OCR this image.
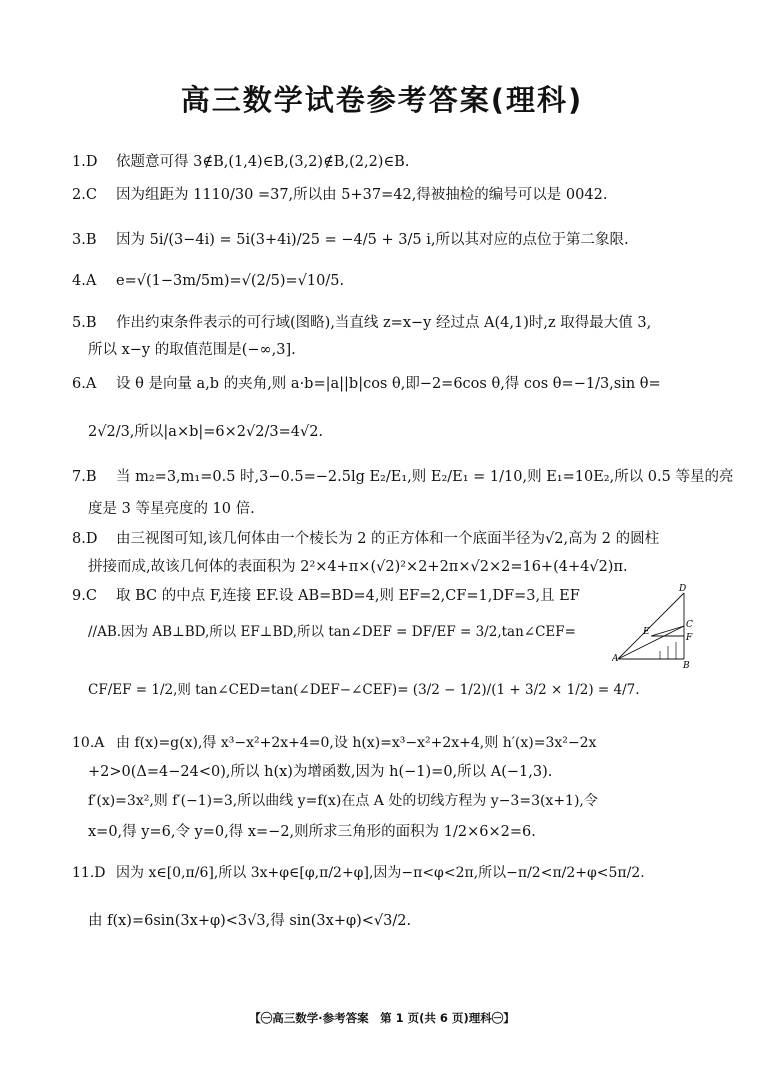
高三数学试卷参考答案(理科)
1.D 依题意可得 3∉B,(1,4)∈B,(3,2)∉B,(2,2)∈B.
2.C 因为组距为 1110/30 =37,所以由 5+37=42,得被抽检的编号可以是 0042.
3.B 因为 5i/(3−4i) = 5i(3+4i)/25 = −4/5 + 3/5 i,所以其对应的点位于第二象限.
4.A e=√(1−3m/5m)=√(2/5)=√10/5.
5.B 作出约束条件表示的可行域(图略),当直线 z=x−y 经过点 A(4,1)时,z 取得最大值 3,
所以 x−y 的取值范围是(−∞,3].
6.A 设 θ 是向量 a,b 的夹角,则 a·b=|a||b|cos θ,即−2=6cos θ,得 cos θ=−1/3,sin θ=
2√2/3,所以|a×b|=6×2√2/3=4√2.
7.B 当 m₂=3,m₁=0.5 时,3−0.5=−2.5lg E₂/E₁,则 E₂/E₁ = 1/10,则 E₁=10E₂,所以 0.5 等星的亮
度是 3 等星亮度的 10 倍.
8.D 由三视图可知,该几何体由一个棱长为 2 的正方体和一个底面半径为√2,高为 2 的圆柱
拼接而成,故该几何体的表面积为 2²×4+π×(√2)²×2+2π×√2×2=16+(4+4√2)π.
9.C 取 BC 的中点 F,连接 EF.设 AB=BD=4,则 EF=2,CF=1,DF=3,且 EF
//AB.因为 AB⊥BD,所以 EF⊥BD,所以 tan∠DEF = DF/EF = 3/2,tan∠CEF=
CF/EF = 1/2,则 tan∠CED=tan(∠DEF−∠CEF)= (3/2 − 1/2)/(1 + 3/2 × 1/2) = 4/7.
10.A 由 f(x)=g(x),得 x³−x²+2x+4=0,设 h(x)=x³−x²+2x+4,则 h′(x)=3x²−2x
+2>0(Δ=4−24<0),所以 h(x)为增函数,因为 h(−1)=0,所以 A(−1,3).
f′(x)=3x²,则 f′(−1)=3,所以曲线 y=f(x)在点 A 处的切线方程为 y−3=3(x+1),令
x=0,得 y=6,令 y=0,得 x=−2,则所求三角形的面积为 1/2×6×2=6.
11.D 因为 x∈[0,π/6],所以 3x+φ∈[φ,π/2+φ],因为−π<φ<2π,所以−π/2<π/2+φ<5π/2.
由 f(x)=6sin(3x+φ)<3√3,得 sin(3x+φ)<√3/2.
D
C
F
E
A
B
【㊀高三数学·参考答案　第 1 页(共 6 页)理科㊀】
